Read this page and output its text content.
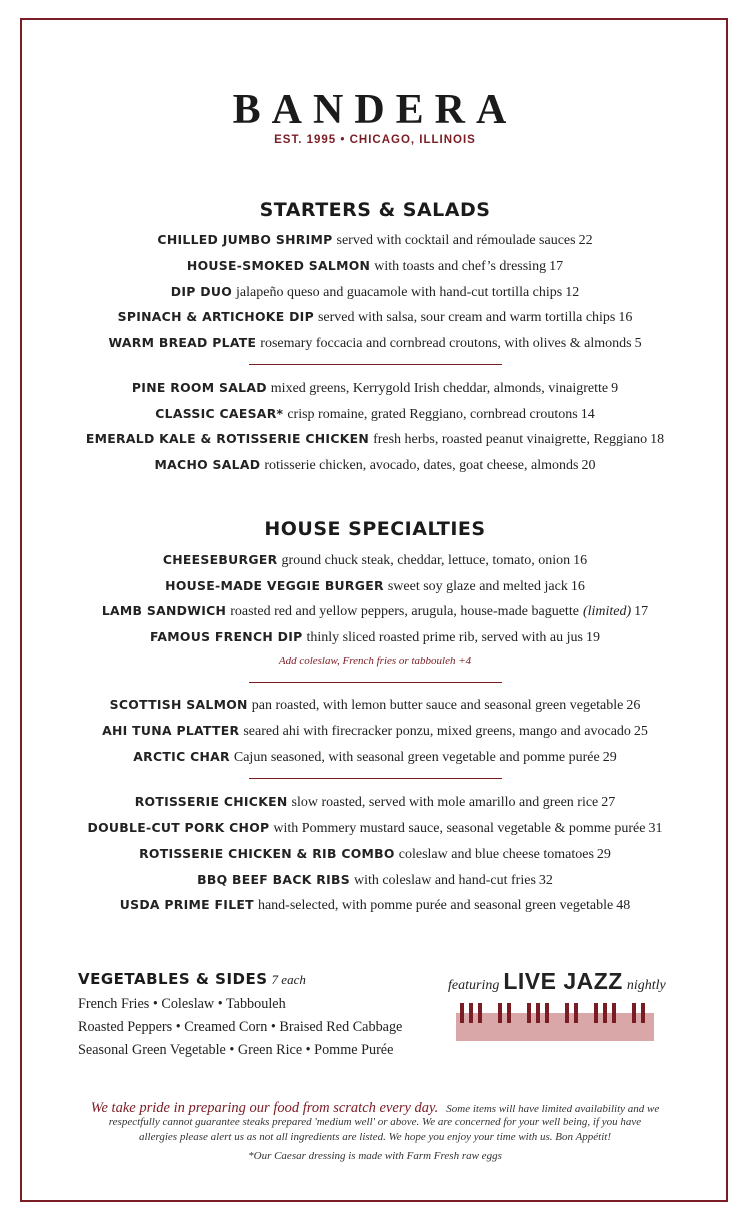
BANDERA
EST. 1995 • CHICAGO, ILLINOIS
STARTERS & SALADS
CHILLED JUMBO SHRIMP served with cocktail and rémoulade sauces 22
HOUSE-SMOKED SALMON with toasts and chef’s dressing 17
DIP DUO jalapeño queso and guacamole with hand-cut tortilla chips 12
SPINACH & ARTICHOKE DIP served with salsa, sour cream and warm tortilla chips 16
WARM BREAD PLATE rosemary foccacia and cornbread croutons, with olives & almonds 5
PINE ROOM SALAD mixed greens, Kerrygold Irish cheddar, almonds, vinaigrette 9
CLASSIC CAESAR* crisp romaine, grated Reggiano, cornbread croutons 14
EMERALD KALE & ROTISSERIE CHICKEN fresh herbs, roasted peanut vinaigrette, Reggiano 18
MACHO SALAD rotisserie chicken, avocado, dates, goat cheese, almonds 20
HOUSE SPECIALTIES
CHEESEBURGER ground chuck steak, cheddar, lettuce, tomato, onion 16
HOUSE-MADE VEGGIE BURGER sweet soy glaze and melted jack 16
LAMB SANDWICH roasted red and yellow peppers, arugula, house-made baguette (limited) 17
FAMOUS FRENCH DIP thinly sliced roasted prime rib, served with au jus 19
Add coleslaw, French fries or tabbouleh +4
SCOTTISH SALMON pan roasted, with lemon butter sauce and seasonal green vegetable 26
AHI TUNA PLATTER seared ahi with firecracker ponzu, mixed greens, mango and avocado 25
ARCTIC CHAR Cajun seasoned, with seasonal green vegetable and pomme purée 29
ROTISSERIE CHICKEN slow roasted, served with mole amarillo and green rice 27
DOUBLE-CUT PORK CHOP with Pommery mustard sauce, seasonal vegetable & pomme purée 31
ROTISSERIE CHICKEN & RIB COMBO coleslaw and blue cheese tomatoes 29
BBQ BEEF BACK RIBS with coleslaw and hand-cut fries 32
USDA PRIME FILET hand-selected, with pomme purée and seasonal green vegetable 48
VEGETABLES & SIDES 7 each
French Fries • Coleslaw • Tabbouleh
Roasted Peppers • Creamed Corn • Braised Red Cabbage
Seasonal Green Vegetable • Green Rice • Pomme Purée
featuring LIVE JAZZ nightly
We take pride in preparing our food from scratch every day. Some items will have limited availability and we
respectfully cannot guarantee steaks prepared 'medium well' or above. We are concerned for your well being, if you have
allergies please alert us as not all ingredients are listed. We hope you enjoy your time with us. Bon Appétit!
*Our Caesar dressing is made with Farm Fresh raw eggs
